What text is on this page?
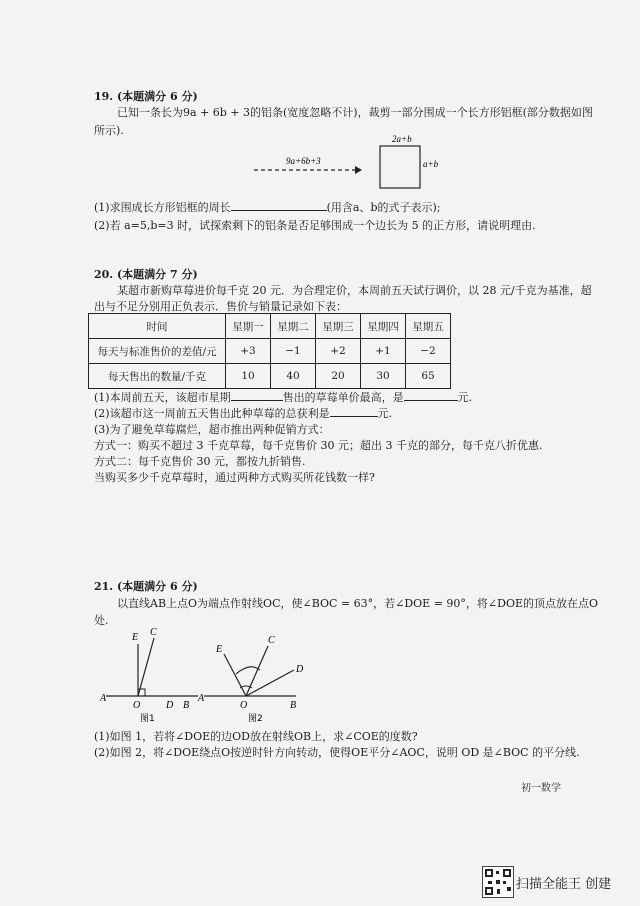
19. (本题满分 6 分)
已知一条长为9a + 6b + 3的铝条(宽度忽略不计)，裁剪一部分围成一个长方形铝框(部分数据如图
所示).
2a+b
a+b
9a+6b+3
(1)求围成长方形铝框的周长	(用含a、b的式子表示);
(2)若 a=5,b=3 时，试探索剩下的铝条是否足够围成一个边长为 5 的正方形，请说明理由.
20. (本题满分 7 分)
某超市新购草莓进价每千克 20 元．为合理定价，本周前五天试行调价，以 28 元/千克为基准，超
出与不足分别用正负表示．售价与销量记录如下表：
时间	星期一	星期二	星期三	星期四	星期五
每天与标准售价的差值/元	+3	−1	+2	+1	−2
每天售出的数量/千克	10	40	20	30	65
(1)本周前五天，该超市星期	售出的草莓单价最高，是	元.
(2)该超市这一周前五天售出此种草莓的总获利是	元.
(3)为了避免草莓腐烂，超市推出两种促销方式：
方式一：购买不超过 3 千克草莓，每千克售价 30 元；超出 3 千克的部分，每千克八折优惠.
方式二：每千克售价 30 元，都按九折销售.
当购买多少千克草莓时，通过两种方式购买所花钱数一样?
21. (本题满分 6 分)
以直线AB上点O为端点作射线OC，使∠BOC = 63°，若∠DOE = 90°，将∠DOE的顶点放在点O
处.
E C
A
O	D B
图1
E
C
D
A
O	B
图2
(1)如图 1，若将∠DOE的边OD放在射线OB上，求∠COE的度数?
(2)如图 2，将∠DOE绕点O按逆时针方向转动，使得OE平分∠AOC，说明 OD 是∠BOC 的平分线.
初一数学
扫描全能王 创建
